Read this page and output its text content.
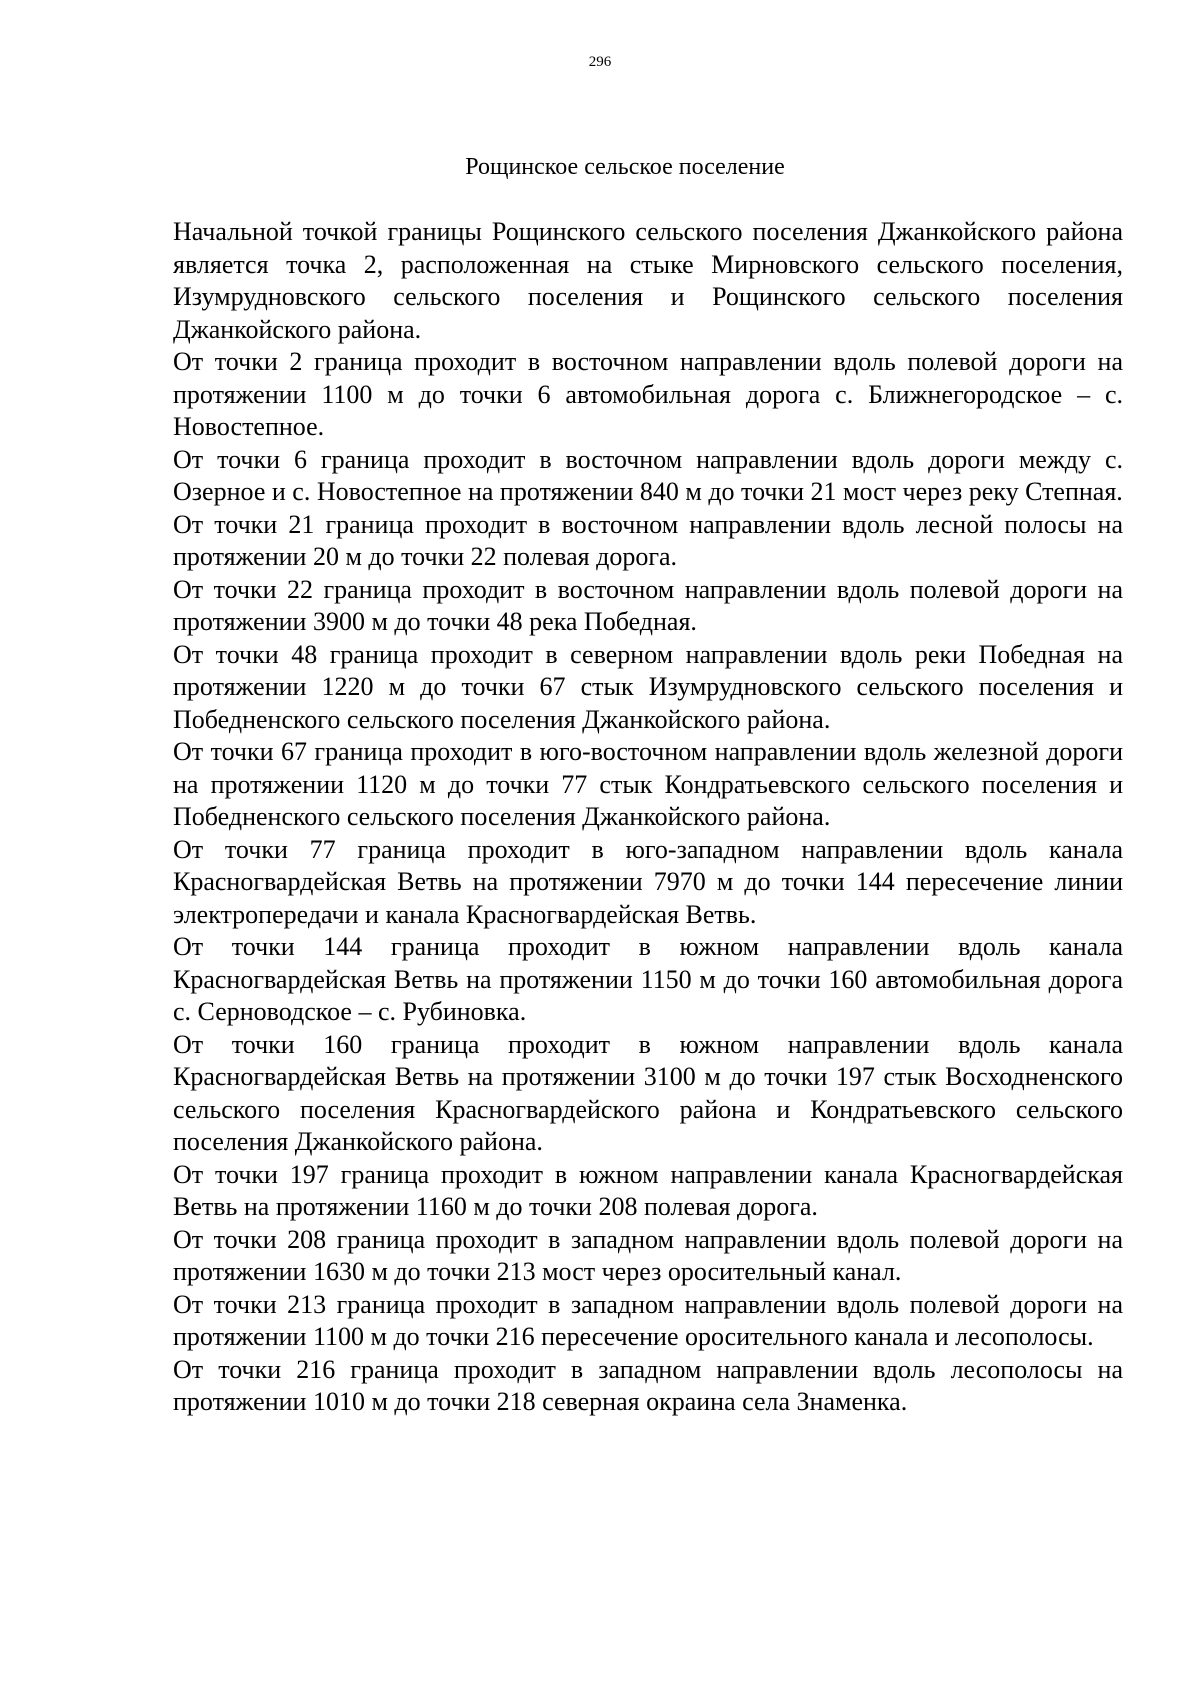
296
Рощинское сельское поселение

Начальной точкой границы Рощинского сельского поселения Джанкойского района является точка 2, расположенная на стыке Мирновского сельского поселения, Изумрудновского сельского поселения и Рощинского сельского поселения Джанкойского района.

От точки 2 граница проходит в восточном направлении вдоль полевой дороги на протяжении 1100 м до точки 6 автомобильная дорога с. Ближнегородское – с. Новостепное.

От точки 6 граница проходит в восточном направлении вдоль дороги между с. Озерное и с. Новостепное на протяжении 840 м до точки 21 мост через реку Степная.

От точки 21 граница проходит в восточном направлении вдоль лесной полосы на протяжении 20 м до точки 22 полевая дорога.

От точки 22 граница проходит в восточном направлении вдоль полевой дороги на протяжении 3900 м до точки 48 река Победная.

От точки 48 граница проходит в северном направлении вдоль реки Победная на протяжении 1220 м до точки 67 стык Изумрудновского сельского поселения и Победненского сельского поселения Джанкойского района.

От точки 67 граница проходит в юго-восточном направлении вдоль железной дороги на протяжении 1120 м до точки 77 стык Кондратьевского сельского поселения и Победненского сельского поселения Джанкойского района.

От точки 77 граница проходит в юго-западном направлении вдоль канала Красногвардейская Ветвь на протяжении 7970 м до точки 144 пересечение линии электропередачи и канала Красногвардейская Ветвь.

От точки 144 граница проходит в южном направлении вдоль канала Красногвардейская Ветвь на протяжении 1150 м до точки 160 автомобильная дорога с. Серноводское – с. Рубиновка.

От точки 160 граница проходит в южном направлении вдоль канала Красногвардейская Ветвь на протяжении 3100 м до точки 197 стык Восходненского сельского поселения Красногвардейского района и Кондратьевского сельского поселения Джанкойского района.

От точки 197 граница проходит в южном направлении канала Красногвардейская Ветвь на протяжении 1160 м до точки 208 полевая дорога.

От точки 208 граница проходит в западном направлении вдоль полевой дороги на протяжении 1630 м до точки 213 мост через оросительный канал.

От точки 213 граница проходит в западном направлении вдоль полевой дороги на протяжении 1100 м до точки 216 пересечение оросительного канала и лесополосы.

От точки 216 граница проходит в западном направлении вдоль лесополосы на протяжении 1010 м до точки 218 северная окраина села Знаменка.
